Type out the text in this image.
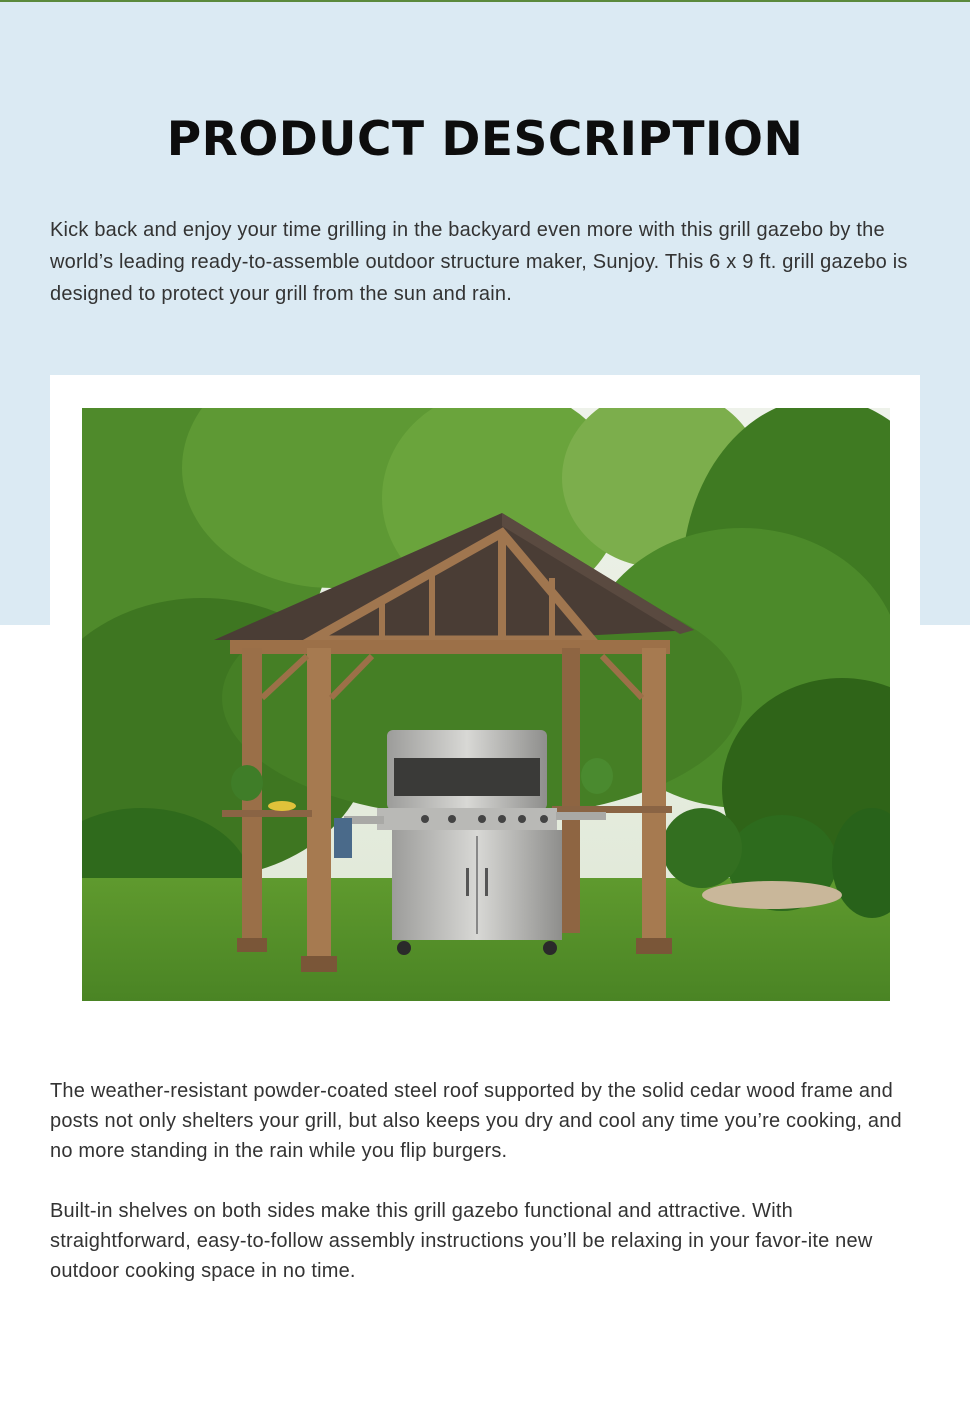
PRODUCT DESCRIPTION

Kick back and enjoy your time grilling in the backyard even more with this grill gazebo by the world’s leading ready-to-assemble outdoor structure maker, Sunjoy. This 6 x 9 ft. grill gazebo is designed to protect your grill from the sun and rain.

The weather-resistant powder-coated steel roof supported by the solid cedar wood frame and posts not only shelters your grill, but also keeps you dry and cool any time you’re cooking, and no more standing in the rain while you flip burgers.

Built-in shelves on both sides make this grill gazebo functional and attractive. With straightforward, easy-to-follow assembly instructions you’ll be relaxing in your favor-ite new outdoor cooking space in no time.
